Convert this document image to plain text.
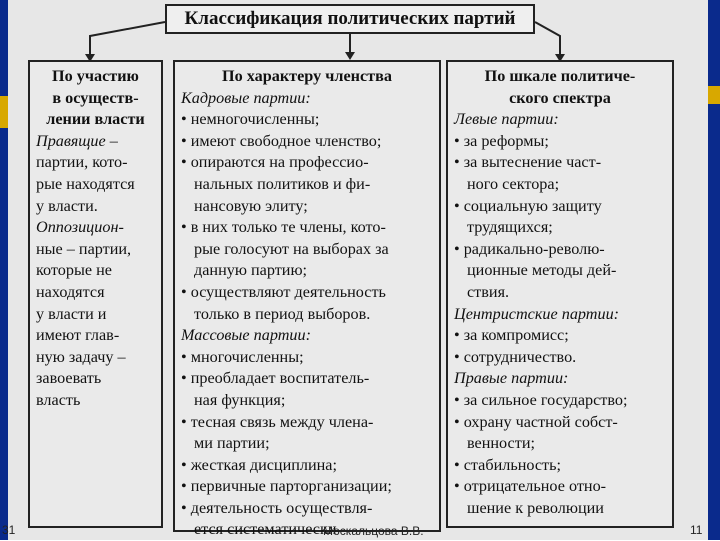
Классификация политических партий
По участию
в осуществ-
лении власти
Правящие –
партии, кото-
рые находятся
у власти.
Оппозицион-
ные – партии,
которые не
находятся
у власти и
имеют глав-
ную задачу –
завоевать
власть
По характеру членства
Кадровые партии:
• немногочисленны;
• имеют свободное членство;
• опираются на профессио-
нальных политиков и фи-
нансовую элиту;
• в них только те члены, кото-
рые голосуют на выборах за
данную партию;
• осуществляют деятельность
только в период выборов.
Массовые партии:
• многочисленны;
• преобладает воспитатель-
ная функция;
• тесная связь между члена-
ми партии;
• жесткая дисциплина;
• первичные парторганизации;
• деятельность осуществля-
ется систематически
По шкале политиче-
ского спектра
Левые партии:
• за реформы;
• за вытеснение част-
ного сектора;
• социальную защиту
трудящихся;
• радикально-револю-
ционные методы дей-
ствия.
Центристские партии:
• за компромисс;
• сотрудничество.
Правые партии:
• за сильное государство;
• охрану частной собст-
венности;
• стабильность;
• отрицательное отно-
шение к революции
31	Москальцова В.В.	11
